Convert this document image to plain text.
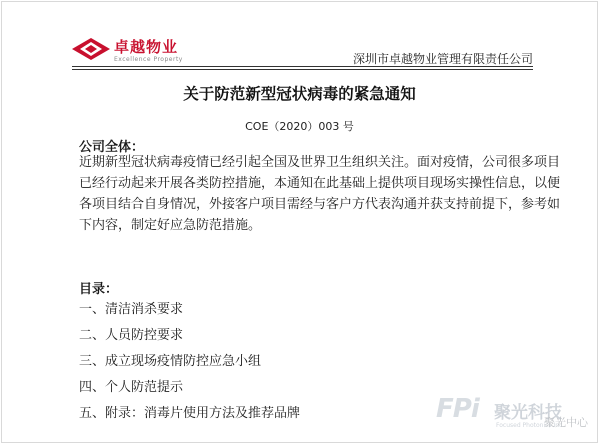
卓越物业
Excellence Property	深圳市卓越物业管理有限责任公司
关于防范新型冠状病毒的紧急通知
COE（2020）003 号
公司全体：
近期新型冠状病毒疫情已经引起全国及世界卫生组织关注。面对疫情，公司很多项目
已经行动起来开展各类防控措施，本通知在此基础上提供项目现场实操性信息，以便
各项目结合自身情况，外接客户项目需经与客户方代表沟通并获支持前提下，参考如
下内容，制定好应急防范措施。
目录：
一、清洁消杀要求
二、人员防控要求
三、成立现场疫情防控应急小组
四、个人防范提示
五、附录：消毒片使用方法及推荐品牌	FPi 聚光科技
Focused Photonics Inc.
聚光中心
